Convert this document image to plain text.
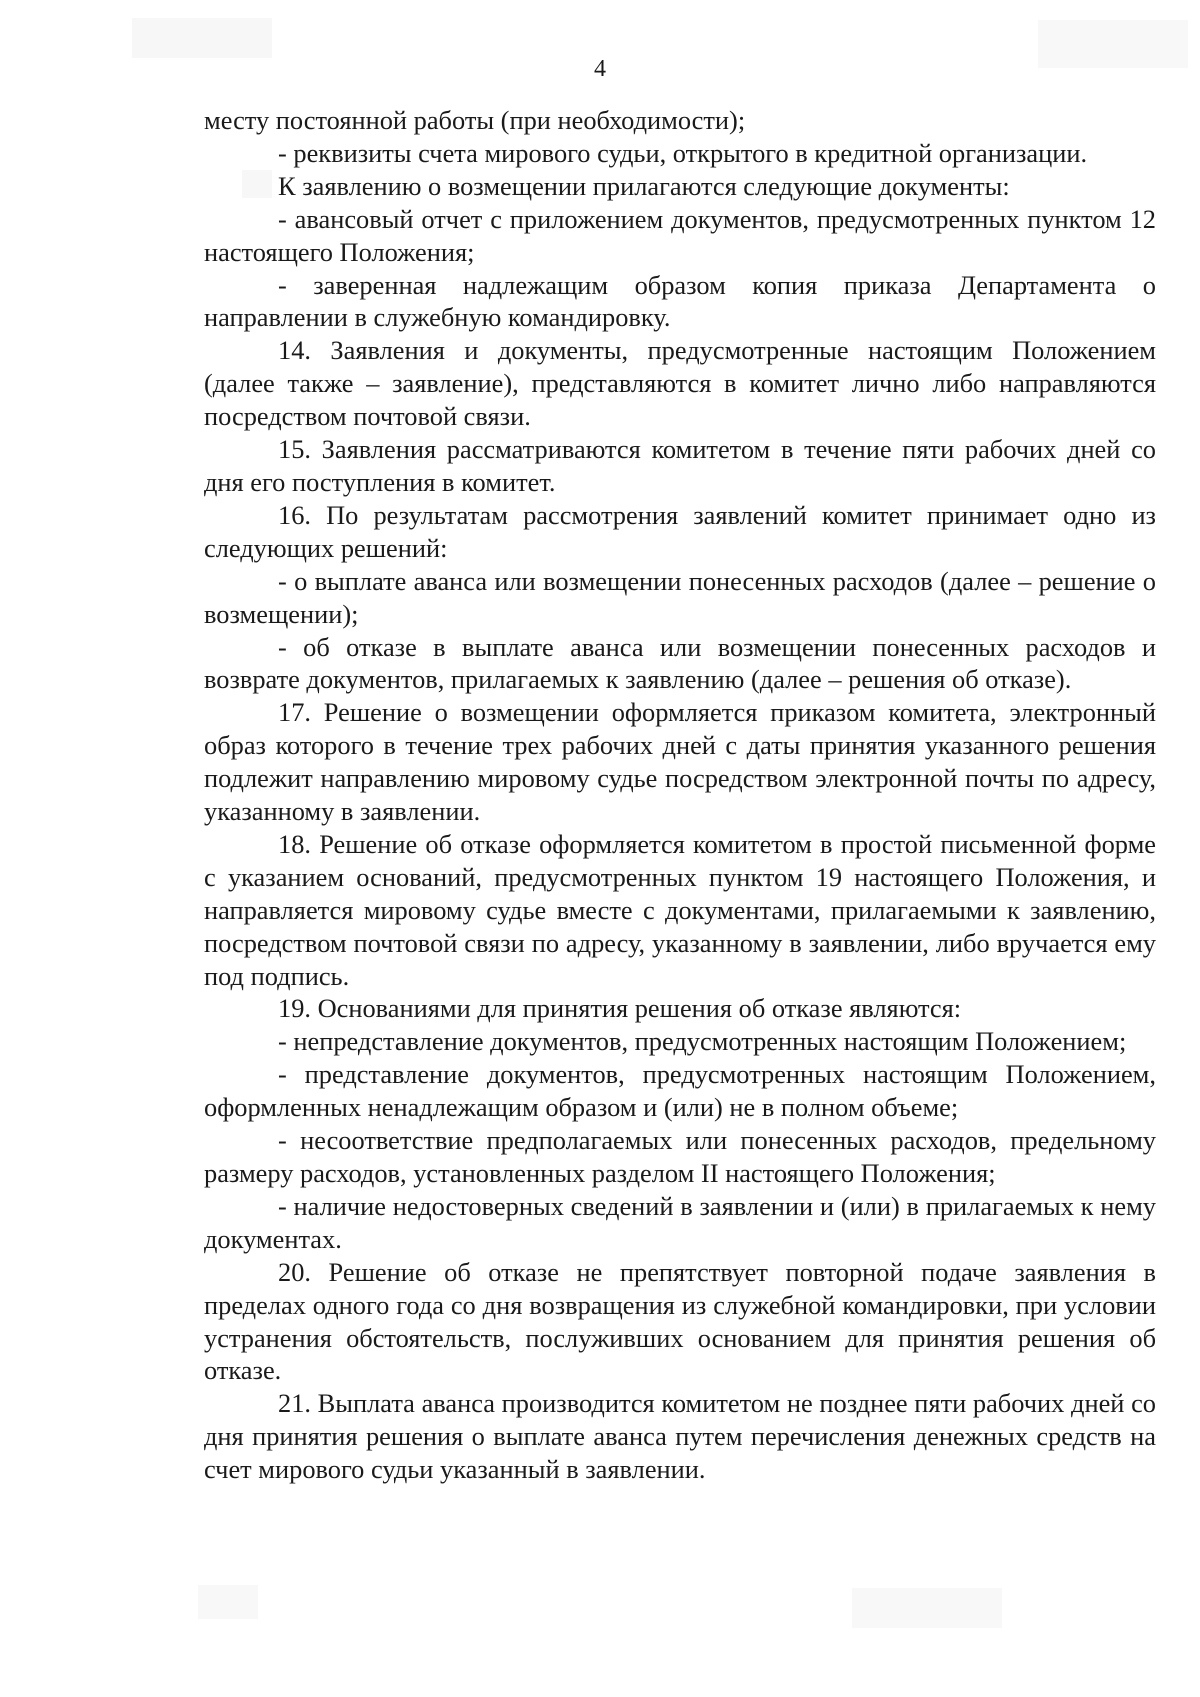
4

месту постоянной работы (при необходимости);

- реквизиты счета мирового судьи, открытого в кредитной организации.

К заявлению о возмещении прилагаются следующие документы:

- авансовый отчет с приложением документов, предусмотренных пунктом 12 настоящего Положения;

- заверенная надлежащим образом копия приказа Департамента о направлении в служебную командировку.

14. Заявления и документы, предусмотренные настоящим Положением (далее также – заявление), представляются в комитет лично либо направляются посредством почтовой связи.

15. Заявления рассматриваются комитетом в течение пяти рабочих дней со дня его поступления в комитет.

16. По результатам рассмотрения заявлений комитет принимает одно из следующих решений:

- о выплате аванса или возмещении понесенных расходов (далее – решение о возмещении);

- об отказе в выплате аванса или возмещении понесенных расходов и возврате документов, прилагаемых к заявлению (далее – решения об отказе).

17. Решение о возмещении оформляется приказом комитета, электронный образ которого в течение трех рабочих дней с даты принятия указанного решения подлежит направлению мировому судье посредством электронной почты по адресу, указанному в заявлении.

18. Решение об отказе оформляется комитетом в простой письменной форме с указанием оснований, предусмотренных пунктом 19 настоящего Положения, и направляется мировому судье вместе с документами, прилагаемыми к заявлению, посредством почтовой связи по адресу, указанному в заявлении, либо вручается ему под подпись.

19. Основаниями для принятия решения об отказе являются:

- непредставление документов, предусмотренных настоящим Положением;

- представление документов, предусмотренных настоящим Положением, оформленных ненадлежащим образом и (или) не в полном объеме;

- несоответствие предполагаемых или понесенных расходов, предельному размеру расходов, установленных разделом II настоящего Положения;

- наличие недостоверных сведений в заявлении и (или) в прилагаемых к нему документах.

20. Решение об отказе не препятствует повторной подаче заявления в пределах одного года со дня возвращения из служебной командировки, при условии устранения обстоятельств, послуживших основанием для принятия решения об отказе.

21. Выплата аванса производится комитетом не позднее пяти рабочих дней со дня принятия решения о выплате аванса путем перечисления денежных средств на счет мирового судьи указанный в заявлении.
